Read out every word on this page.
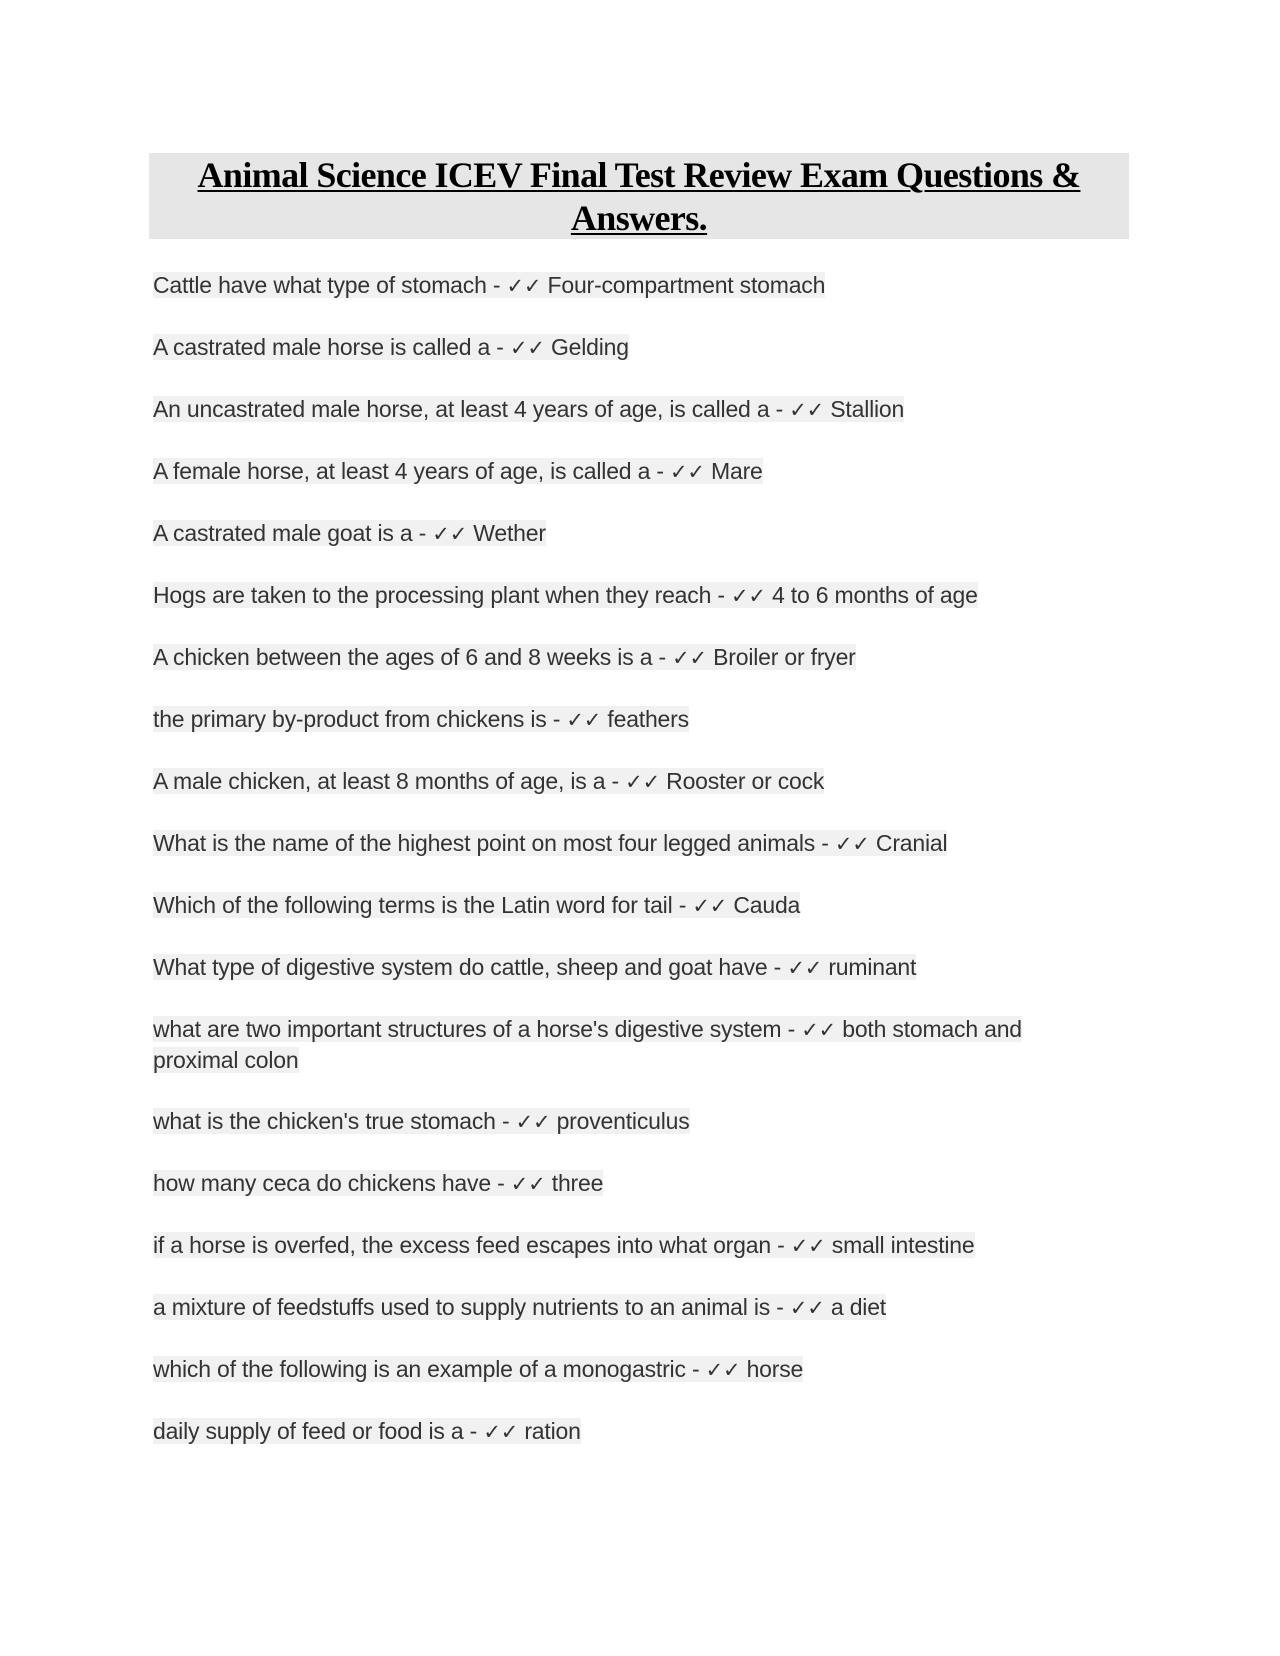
Animal Science ICEV Final Test Review Exam Questions & Answers.
Cattle have what type of stomach - ✓✓ Four-compartment stomach
A castrated male horse is called a - ✓✓ Gelding
An uncastrated male horse, at least 4 years of age, is called a - ✓✓ Stallion
A female horse, at least 4 years of age, is called a - ✓✓ Mare
A castrated male goat is a - ✓✓ Wether
Hogs are taken to the processing plant when they reach - ✓✓ 4 to 6 months of age
A chicken between the ages of 6 and 8 weeks is a - ✓✓ Broiler or fryer
the primary by-product from chickens is - ✓✓ feathers
A male chicken, at least 8 months of age, is a - ✓✓ Rooster or cock
What is the name of the highest point on most four legged animals - ✓✓ Cranial
Which of the following terms is the Latin word for tail - ✓✓ Cauda
What type of digestive system do cattle, sheep and goat have - ✓✓ ruminant
what are two important structures of a horse's digestive system - ✓✓ both stomach and proximal colon
what is the chicken's true stomach - ✓✓ proventiculus
how many ceca do chickens have - ✓✓ three
if a horse is overfed, the excess feed escapes into what organ - ✓✓ small intestine
a mixture of feedstuffs used to supply nutrients to an animal is - ✓✓ a diet
which of the following is an example of a monogastric - ✓✓ horse
daily supply of feed or food is a - ✓✓ ration
